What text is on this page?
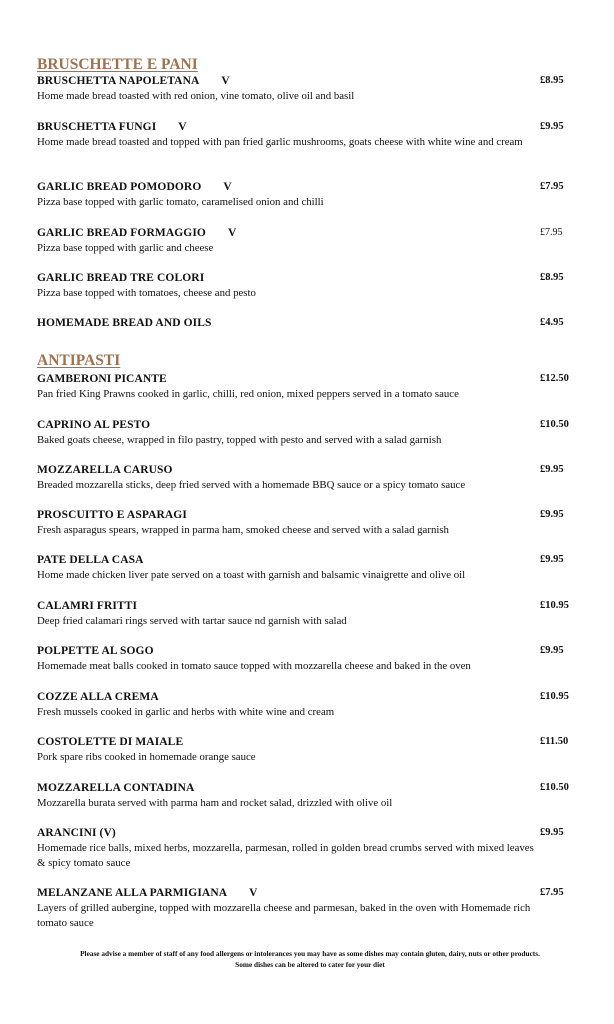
BRUSCHETTE E PANI
BRUSCHETTA NAPOLETANA V	£8.95
Home made bread toasted with red onion, vine tomato, olive oil and basil
BRUSCHETTA FUNGI V	£9.95
Home made bread toasted and topped with pan fried garlic mushrooms, goats cheese with white wine and cream
GARLIC BREAD POMODORO V	£7.95
Pizza base topped with garlic tomato, caramelised onion and chilli
GARLIC BREAD FORMAGGIO V	£7.95
Pizza base topped with garlic and cheese
GARLIC BREAD TRE COLORI	£8.95
Pizza base topped with tomatoes, cheese and pesto
HOMEMADE BREAD AND OILS	£4.95
ANTIPASTI
GAMBERONI PICANTE	£12.50
Pan fried King Prawns cooked in garlic, chilli, red onion, mixed peppers served in a tomato sauce
CAPRINO AL PESTO	£10.50
Baked goats cheese, wrapped in filo pastry, topped with pesto and served with a salad garnish
MOZZARELLA CARUSO	£9.95
Breaded mozzarella sticks, deep fried served with a homemade BBQ sauce or a spicy tomato sauce
PROSCUITTO E ASPARAGI	£9.95
Fresh asparagus spears, wrapped in parma ham, smoked cheese and served with a salad garnish
PATE DELLA CASA	£9.95
Home made chicken liver pate served on a toast with garnish and balsamic vinaigrette and olive oil
CALAMRI FRITTI	£10.95
Deep fried calamari rings served with tartar sauce nd garnish with salad
POLPETTE AL SOGO	£9.95
Homemade meat balls cooked in tomato sauce topped with mozzarella cheese and baked in the oven
COZZE ALLA CREMA	£10.95
Fresh mussels cooked in garlic and herbs with white wine and cream
COSTOLETTE DI MAIALE	£11.50
Pork spare ribs cooked in homemade orange sauce
MOZZARELLA CONTADINA	£10.50
Mozzarella burata served with parma ham and rocket salad, drizzled with olive oil
ARANCINI (V)	£9.95
Homemade rice balls, mixed herbs, mozzarella, parmesan, rolled in golden bread crumbs served with mixed leaves & spicy tomato sauce
MELANZANE ALLA PARMIGIANA V	£7.95
Layers of grilled aubergine, topped with mozzarella cheese and parmesan, baked in the oven with Homemade rich tomato sauce
Please advise a member of staff of any food allergens or intolerances you may have as some dishes may contain gluten, dairy, nuts or other products. Some dishes can be altered to cater for your diet
